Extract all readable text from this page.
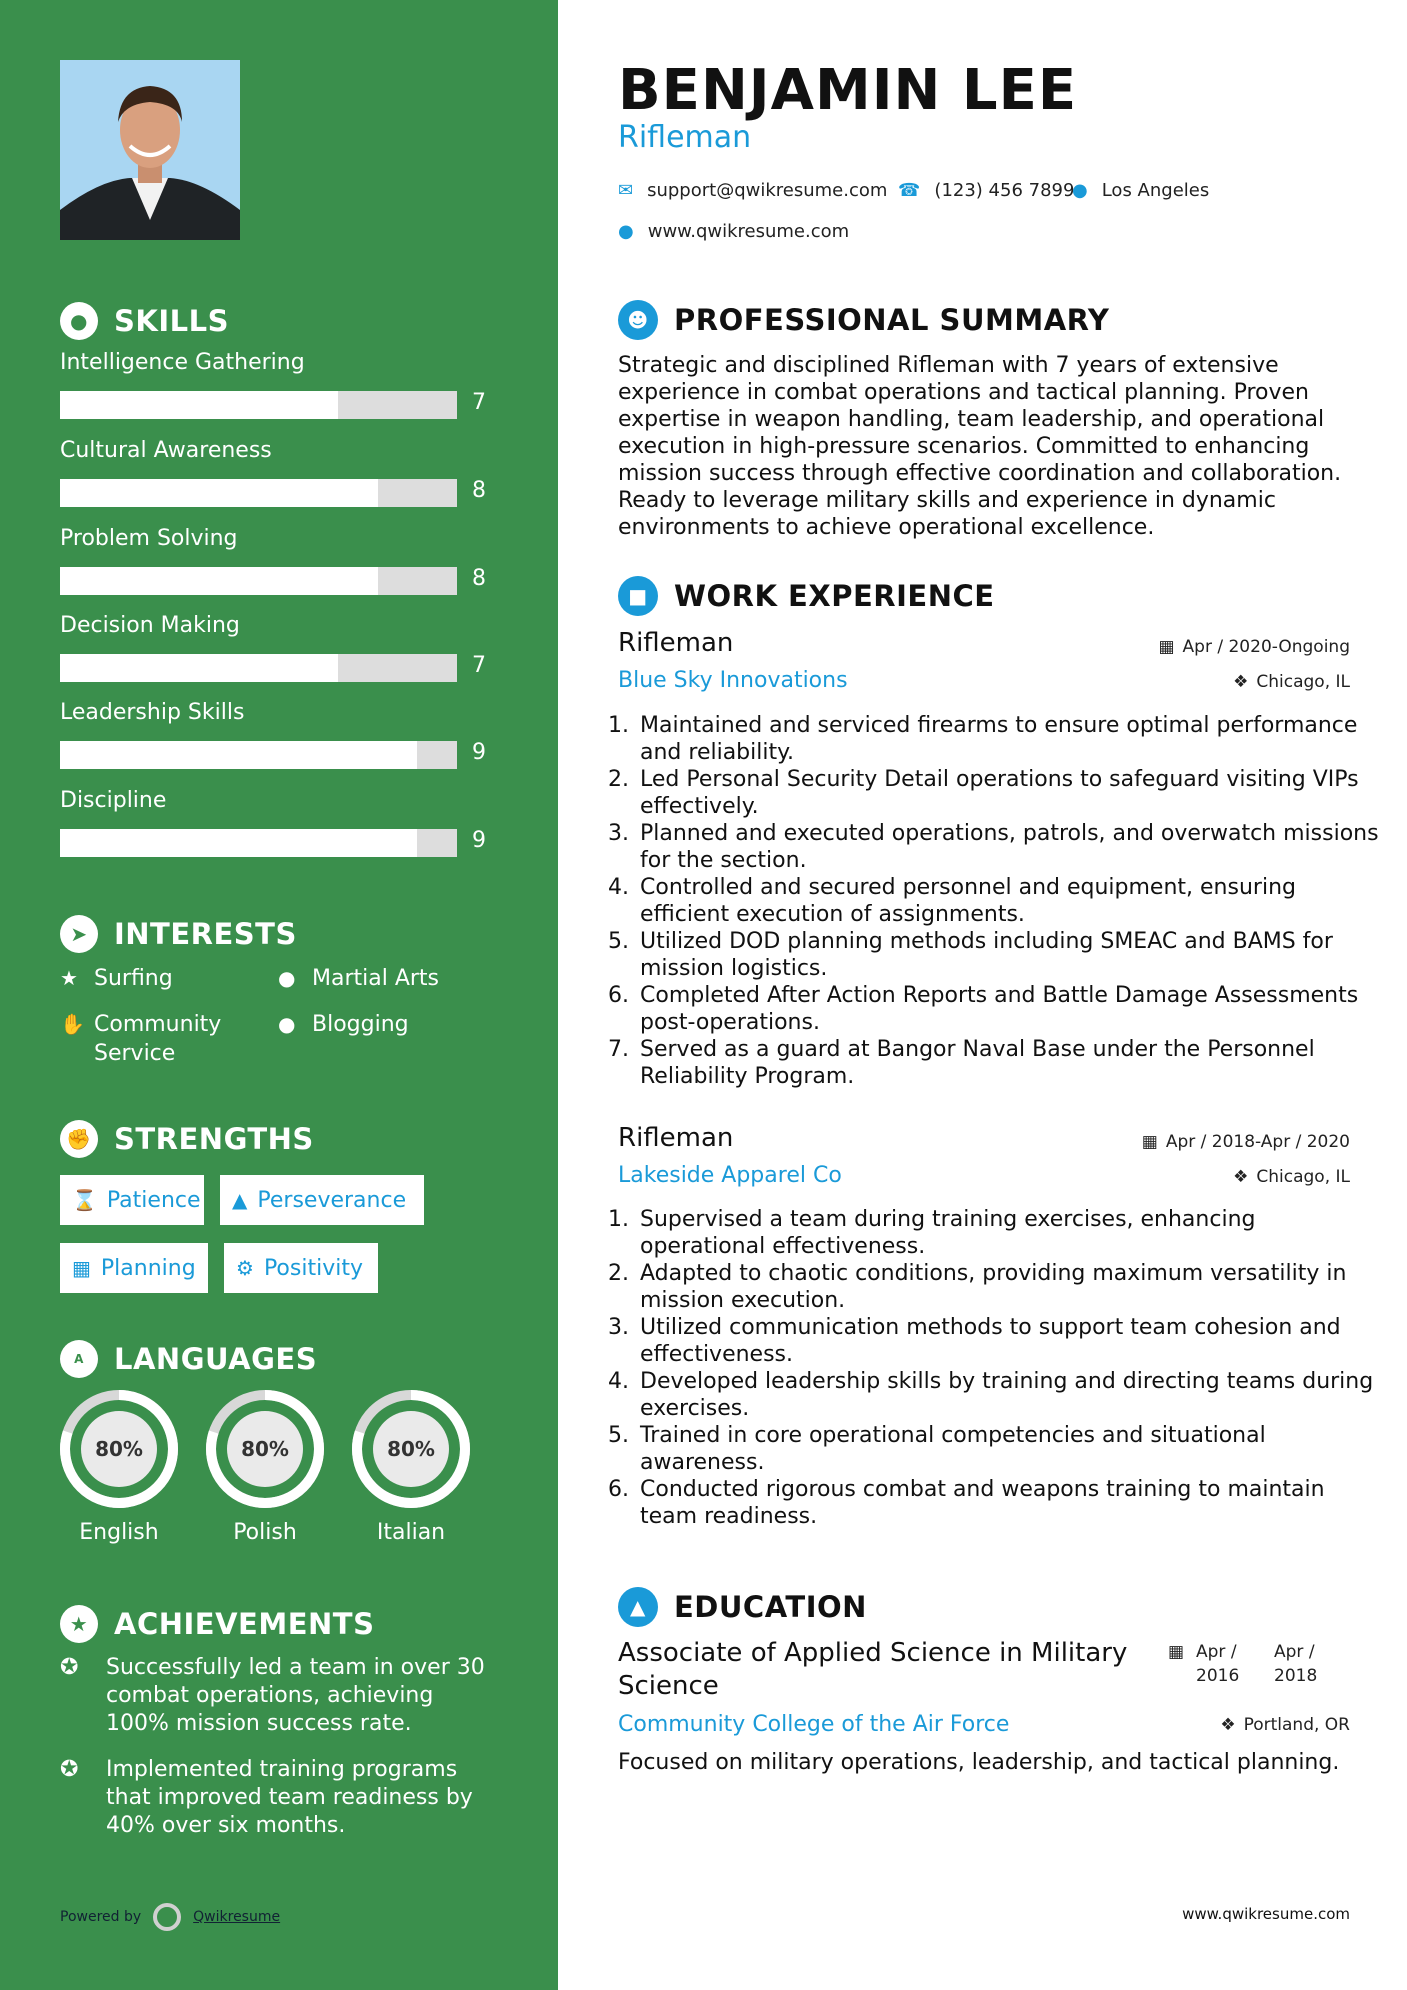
● SKILLS
Intelligence Gathering
7
Cultural Awareness
8
Problem Solving
8
Decision Making
7
Leadership Skills
9
Discipline
9
➤ INTERESTS
★ Surfing	● Martial Arts
✋ Community Service
● Blogging
✊ STRENGTHS
⌛ Patience ▲ Perseverance
▦ Planning ⚙ Positivity
A	LANGUAGES
80%
English
80%
Polish
80%
Italian
★ ACHIEVEMENTS
✪	Successfully led a team in over 30 combat operations, achieving 100% mission success rate.
✪	Implemented training programs that improved team readiness by 40% over six months.
Powered by	Qwikresume
BENJAMIN LEE
Rifleman
✉ support@qwikresume.com ☎ (123) 456 7899
● Los Angeles
● www.qwikresume.com
☻ PROFESSIONAL SUMMARY
Strategic and disciplined Rifleman with 7 years of extensive experience in combat operations and tactical planning. Proven expertise in weapon handling, team leadership, and operational execution in high-pressure scenarios. Committed to enhancing mission success through effective coordination and collaboration. Ready to leverage military skills and experience in dynamic environments to achieve operational excellence.
■ WORK EXPERIENCE
Rifleman	▦ Apr / 2020-Ongoing
Blue Sky Innovations	❖ Chicago, IL
1. Maintained and serviced firearms to ensure optimal performance and reliability.
2. Led Personal Security Detail operations to safeguard visiting VIPs effectively.
3. Planned and executed operations, patrols, and overwatch missions for the section.
4. Controlled and secured personnel and equipment, ensuring efficient execution of assignments.
5. Utilized DOD planning methods including SMEAC and BAMS for mission logistics.
6. Completed After Action Reports and Battle Damage Assessments post-operations.
7. Served as a guard at Bangor Naval Base under the Personnel Reliability Program.
Rifleman	▦ Apr / 2018-Apr / 2020
Lakeside Apparel Co	❖ Chicago, IL
1. Supervised a team during training exercises, enhancing operational effectiveness.
2. Adapted to chaotic conditions, providing maximum versatility in mission execution.
3. Utilized communication methods to support team cohesion and effectiveness.
4. Developed leadership skills by training and directing teams during exercises.
5. Trained in core operational competencies and situational awareness.
6. Conducted rigorous combat and weapons training to maintain team readiness.
▲ EDUCATION
Associate of Applied Science in Military Science
▦ Apr / 2016
Apr / 2018
Community College of the Air Force	❖ Portland, OR
Focused on military operations, leadership, and tactical planning.
www.qwikresume.com
